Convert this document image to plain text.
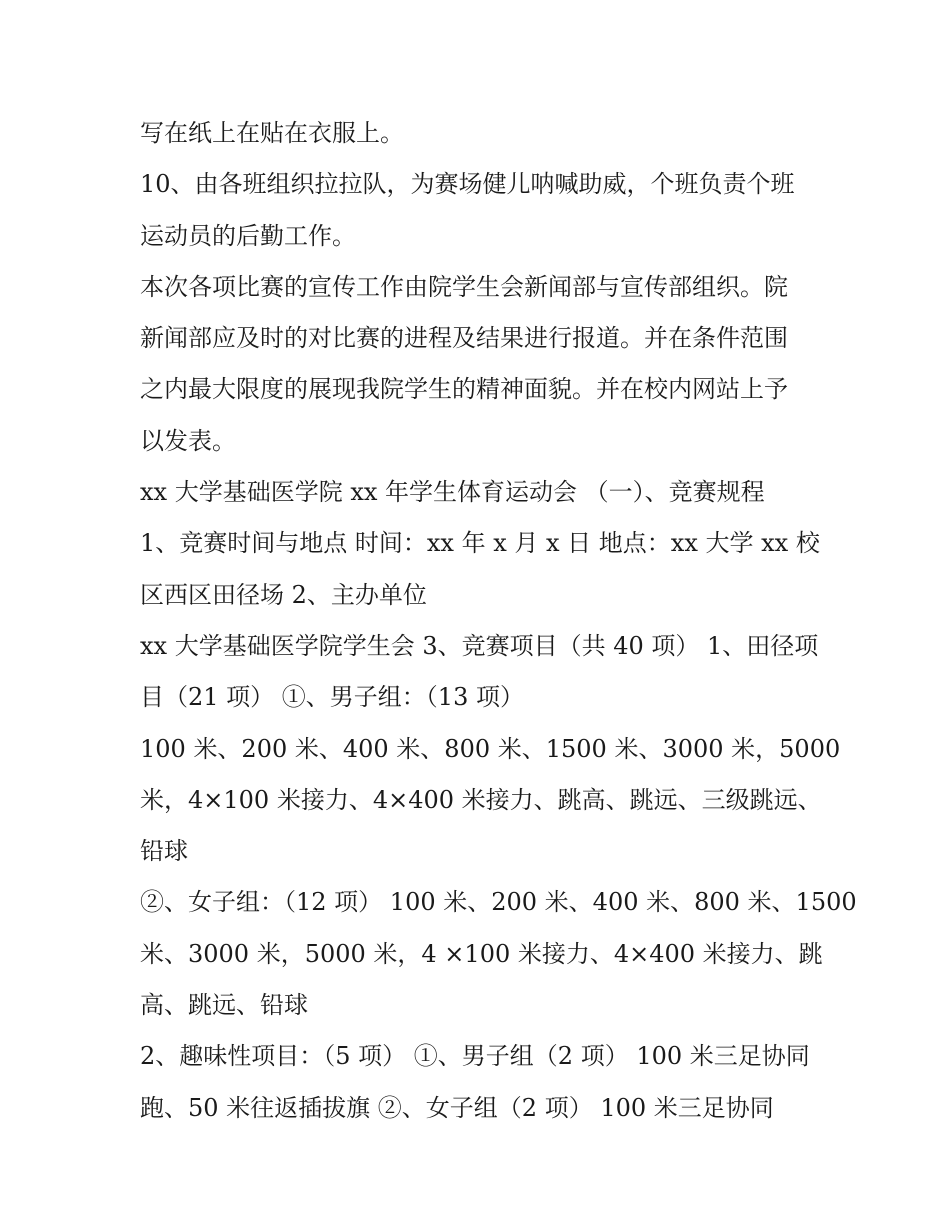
写在纸上在贴在衣服上。
10、由各班组织拉拉队，为赛场健儿呐喊助威，个班负责个班
运动员的后勤工作。
本次各项比赛的宣传工作由院学生会新闻部与宣传部组织。院
新闻部应及时的对比赛的进程及结果进行报道。并在条件范围
之内最大限度的展现我院学生的精神面貌。并在校内网站上予
以发表。
xx 大学基础医学院 xx 年学生体育运动会 （一）、竞赛规程
1、竞赛时间与地点 时间：xx 年 x 月 x 日 地点：xx 大学 xx 校
区西区田径场 2、主办单位
xx 大学基础医学院学生会 3、竞赛项目（共 40 项） 1、田径项
目（21 项） ①、男子组：（13 项）
100 米、200 米、400 米、800 米、1500 米、3000 米，5000
米，4×100 米接力、4×400 米接力、跳高、跳远、三级跳远、
铅球
②、女子组：（12 项） 100 米、200 米、400 米、800 米、1500
米、3000 米，5000 米，4 ×100 米接力、4×400 米接力、跳
高、跳远、铅球
2、趣味性项目：（5 项） ①、男子组（2 项） 100 米三足协同
跑、50 米往返插拔旗 ②、女子组（2 项） 100 米三足协同
